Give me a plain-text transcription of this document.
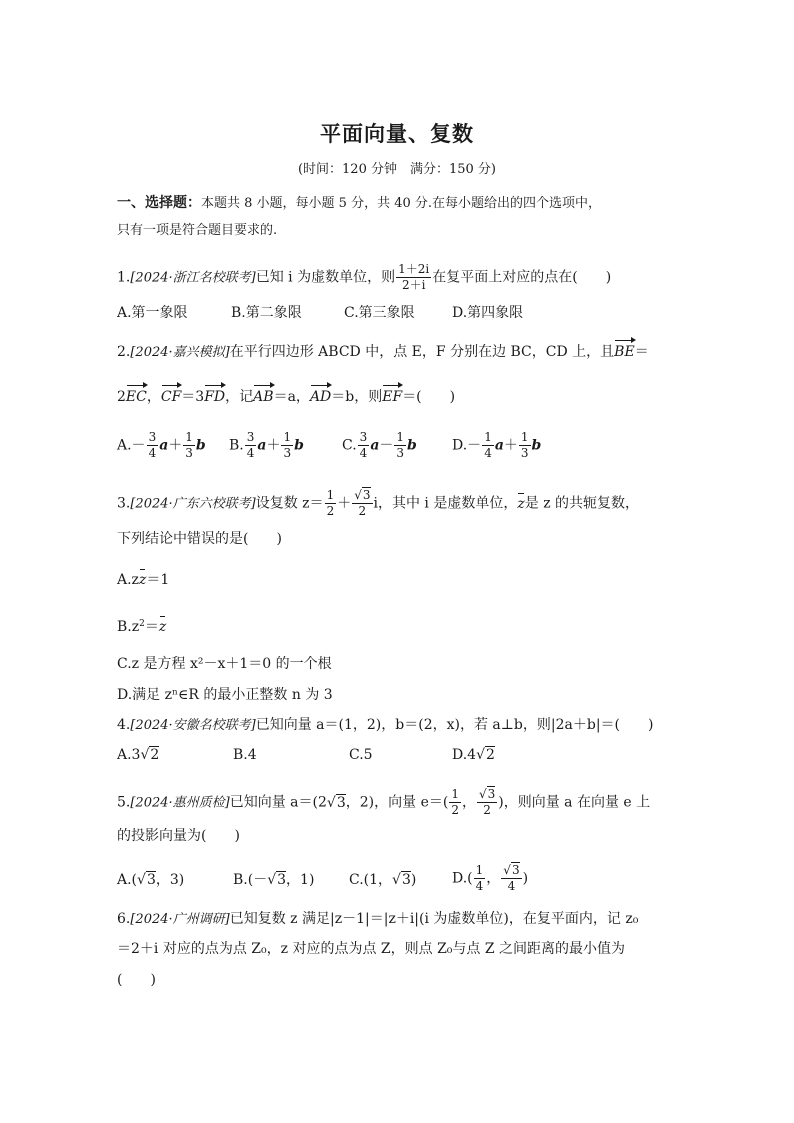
平面向量、复数
(时间：120 分钟　满分：150 分)
一、选择题：本题共 8 小题，每小题 5 分，共 40 分.在每小题给出的四个选项中，
只有一项是符合题目要求的.
1.[2024·浙江名校联考]已知 i 为虚数单位，则 $\frac{1+2i}{2+i}$ 在复平面上对应的点在(　　)
A.第一象限	B.第二象限	C.第三象限	D.第四象限
2.[2024·嘉兴模拟]在平行四边形 ABCD 中，点 E，F 分别在边 BC，CD 上，且BE＝
2EC，CF＝3FD，记AB＝a，AD＝b，则EF＝(　　)
$A.- \frac{3}{4} a+ \frac{1}{3}$ b B. $\frac{3}{4} a+ \frac{1}{3}$ b	C. $\frac{3}{4} a- \frac{1}{3}$ b	$D.- \frac{1}{4} a+ \frac{1}{3}$ b
3.[2024·广东六校联考]设复数 $z= \frac{1}{2} + \frac{√3}{2}$ i，其中 i 是虚数单位，z是 z 的共轭复数，
下列结论中错误的是(　　)
A.zz＝1
$B.z^2=z$
C.z 是方程 x²－x＋1＝0 的一个根
D.满足 zⁿ∈R 的最小正整数 n 为 3
4.[2024·安徽名校联考]已知向量 a＝(1，2)，b＝(2，x)，若 a⊥b，则|2a＋b|＝(　　)
A.3√2	B.4	C.5	D.4√2
5.[2024·惠州质检]已知向量 a＝(2√3，2)，向量 $e=( \frac{1}{2}$ ， $\frac{√3}{2}$ )，则向量 a 在向量 e 上
的投影向量为(　　)
A.(√3，3)	B.(－√3，1) C.(1，√3)	$D.( \frac{1}{4}$ ， $\frac{√3}{4}$ )
6.[2024·广州调研]已知复数 z 满足|z－1|＝|z＋i|(i 为虚数单位)，在复平面内，记 z₀
＝2＋i 对应的点为点 Z₀，z 对应的点为点 Z，则点 Z₀与点 Z 之间距离的最小值为
(　　)
